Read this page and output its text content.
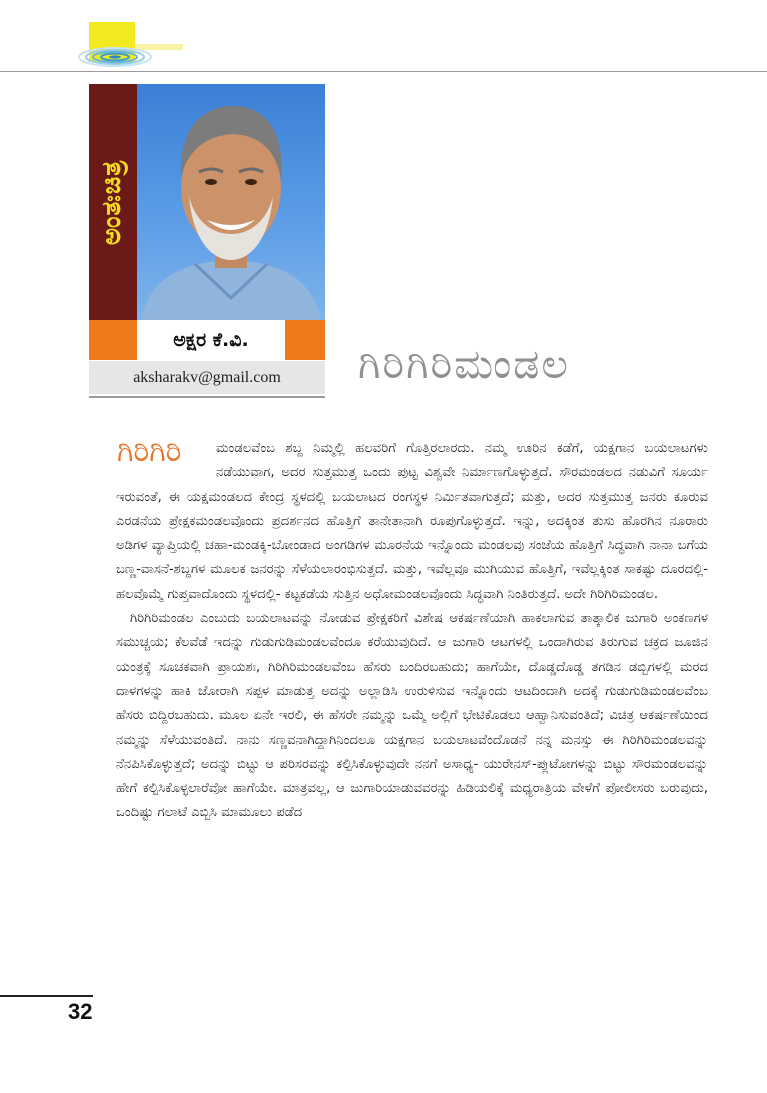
ಅಂತಃಚಿತ್ರ
ಅಕ್ಷರ ಕೆ.ವಿ.
aksharakv@gmail.com	ಗಿರಿಗಿರಿಮಂಡಲ
ಗಿರಿಗಿರಿ	ಮಂಡಲವೆಂಬ ಶಬ್ದ ನಿಮ್ಮಲ್ಲಿ ಹಲವರಿಗೆ ಗೊತ್ತಿರಲಾರದು. ನಮ್ಮ ಊರಿನ ಕಡೆಗೆ, ಯಕ್ಷಗಾನ ಬಯಲಾಟಗಳು ನಡೆಯುವಾಗ, ಅದರ ಸುತ್ತಮುತ್ತ ಒಂದು ಪುಟ್ಟ ವಿಶ್ವವೇ ನಿರ್ಮಾಣಗೊಳ್ಳುತ್ತದೆ. ಸೌರಮಂಡಲದ ನಡುವಿಗೆ ಸೂರ್ಯ ಇರುವಂತೆ, ಈ ಯಕ್ಷಮಂಡಲದ ಕೇಂದ್ರ ಸ್ಥಳದಲ್ಲಿ ಬಯಲಾಟದ ರಂಗಸ್ಥಳ ನಿರ್ಮಿತವಾಗುತ್ತದೆ; ಮತ್ತು, ಅದರ ಸುತ್ತಮುತ್ತ ಜನರು ಕೂರುವ ಎರಡನೆಯ ಪ್ರೇಕ್ಷಕಮಂಡಲವೊಂದು ಪ್ರದರ್ಶನದ ಹೊತ್ತಿಗೆ ತಾನೇತಾನಾಗಿ ರೂಪುಗೊಳ್ಳುತ್ತದೆ. ಇನ್ನು, ಅದಕ್ಕಿಂತ ತುಸು ಹೊರಗಿನ ನೂರಾರು ಅಡಿಗಳ ವ್ಯಾಪ್ತಿಯಲ್ಲಿ ಚಹಾ-ಮಂಡಕ್ಕಿ-ಬೋಂಡಾದ ಅಂಗಡಿಗಳ ಮೂರನೆಯ ಇನ್ನೊಂದು ಮಂಡಲವು ಸಂಜೆಯ ಹೊತ್ತಿಗೆ ಸಿದ್ಧವಾಗಿ ನಾನಾ ಬಗೆಯ ಬಣ್ಣ-ವಾಸನೆ-ಶಬ್ದಗಳ ಮೂಲಕ ಜನರನ್ನು ಸೆಳೆಯಲಾರಂಭಿಸುತ್ತದೆ. ಮತ್ತು, ಇವೆಲ್ಲವೂ ಮುಗಿಯುವ ಹೊತ್ತಿಗೆ, ಇವೆಲ್ಲಕ್ಕಿಂತ ಸಾಕಷ್ಟು ದೂರದಲ್ಲಿ- ಹಲವೊಮ್ಮೆ ಗುಪ್ತವಾದೊಂದು ಸ್ಥಳದಲ್ಲಿ- ಕಟ್ಟಕಡೆಯ ಸುತ್ತಿನ ಅಧೋಮಂಡಲವೊಂದು ಸಿದ್ಧವಾಗಿ ನಿಂತಿರುತ್ತದೆ. ಅದೇ ಗಿರಿಗಿರಿಮಂಡಲ.

ಗಿರಿಗಿರಿಮಂಡಲ ಎಂಬುದು ಬಯಲಾಟವನ್ನು ನೋಡುವ ಪ್ರೇಕ್ಷಕರಿಗೆ ವಿಶೇಷ ಆಕರ್ಷಣೆಯಾಗಿ ಹಾಕಲಾಗುವ ತಾತ್ಕಾಲಿಕ ಜುಗಾರಿ ಅಂಕಣಗಳ ಸಮುಚ್ಚಯ; ಕೆಲವೆಡೆ ಇದನ್ನು ಗುಡುಗುಡಿಮಂಡಲವೆಂದೂ ಕರೆಯುವುದಿದೆ. ಆ ಜುಗಾರಿ ಆಟಗಳಲ್ಲಿ ಒಂದಾಗಿರುವ ತಿರುಗುವ ಚಕ್ರದ ಜೂಜಿನ ಯಂತ್ರಕ್ಕೆ ಸೂಚಕವಾಗಿ ಪ್ರಾಯಶಃ, ಗಿರಿಗಿರಿಮಂಡಲವೆಂಬ ಹೆಸರು ಬಂದಿರಬಹುದು; ಹಾಗೆಯೇ, ದೊಡ್ಡದೊಡ್ಡ ತಗಡಿನ ಡಬ್ಬಿಗಳಲ್ಲಿ ಮರದ ದಾಳಗಳನ್ನು ಹಾಕಿ ಜೋರಾಗಿ ಸಪ್ಪಳ ಮಾಡುತ್ತ ಅದನ್ನು ಅಲ್ಲಾಡಿಸಿ ಉರುಳಿಸುವ ಇನ್ನೊಂದು ಆಟದಿಂದಾಗಿ ಅದಕ್ಕೆ ಗುಡುಗುಡಿಮಂಡಲವೆಂಬ ಹೆಸರು ಬಿದ್ದಿರಬಹುದು. ಮೂಲ ಏನೇ ಇರಲಿ, ಈ ಹೆಸರೇ ನಮ್ಮನ್ನು ಒಮ್ಮೆ ಅಲ್ಲಿಗೆ ಭೇಟಿಕೊಡಲು ಆಹ್ವಾನಿಸುವಂತಿದೆ; ವಿಚಿತ್ರ ಆಕರ್ಷಣೆಯಿಂದ ನಮ್ಮನ್ನು ಸೆಳೆಯುವಂತಿದೆ. ನಾನು ಸಣ್ಣವನಾಗಿದ್ದಾಗಿನಿಂದಲೂ ಯಕ್ಷಗಾನ ಬಯಲಾಟವೆಂದೊಡನೆ ನನ್ನ ಮನಸ್ಸು ಈ ಗಿರಿಗಿರಿಮಂಡಲವನ್ನು ನೆನಪಿಸಿಕೊಳ್ಳುತ್ತದೆ; ಅದನ್ನು ಬಿಟ್ಟು ಆ ಪರಿಸರವನ್ನು ಕಲ್ಪಿಸಿಕೊಳ್ಳುವುದೇ ನನಗೆ ಅಸಾಧ್ಯ- ಯುರೇನಸ್-ಪ್ಲುಟೋಗಳನ್ನು ಬಿಟ್ಟು ಸೌರಮಂಡಲವನ್ನು ಹೇಗೆ ಕಲ್ಪಿಸಿಕೊಳ್ಳಲಾರೆವೋ ಹಾಗೆಯೇ. ಮಾತ್ರವಲ್ಲ, ಆ ಜುಗಾರಿಯಾಡುವವರನ್ನು ಹಿಡಿಯಲಿಕ್ಕೆ ಮಧ್ಯರಾತ್ರಿಯ ವೇಳೆಗೆ ಪೋಲೀಸರು ಬರುವುದು, ಒಂದಿಷ್ಟು ಗಲಾಟೆ ಎಬ್ಬಿಸಿ ಮಾಮೂಲು ಪಡೆದ

32
